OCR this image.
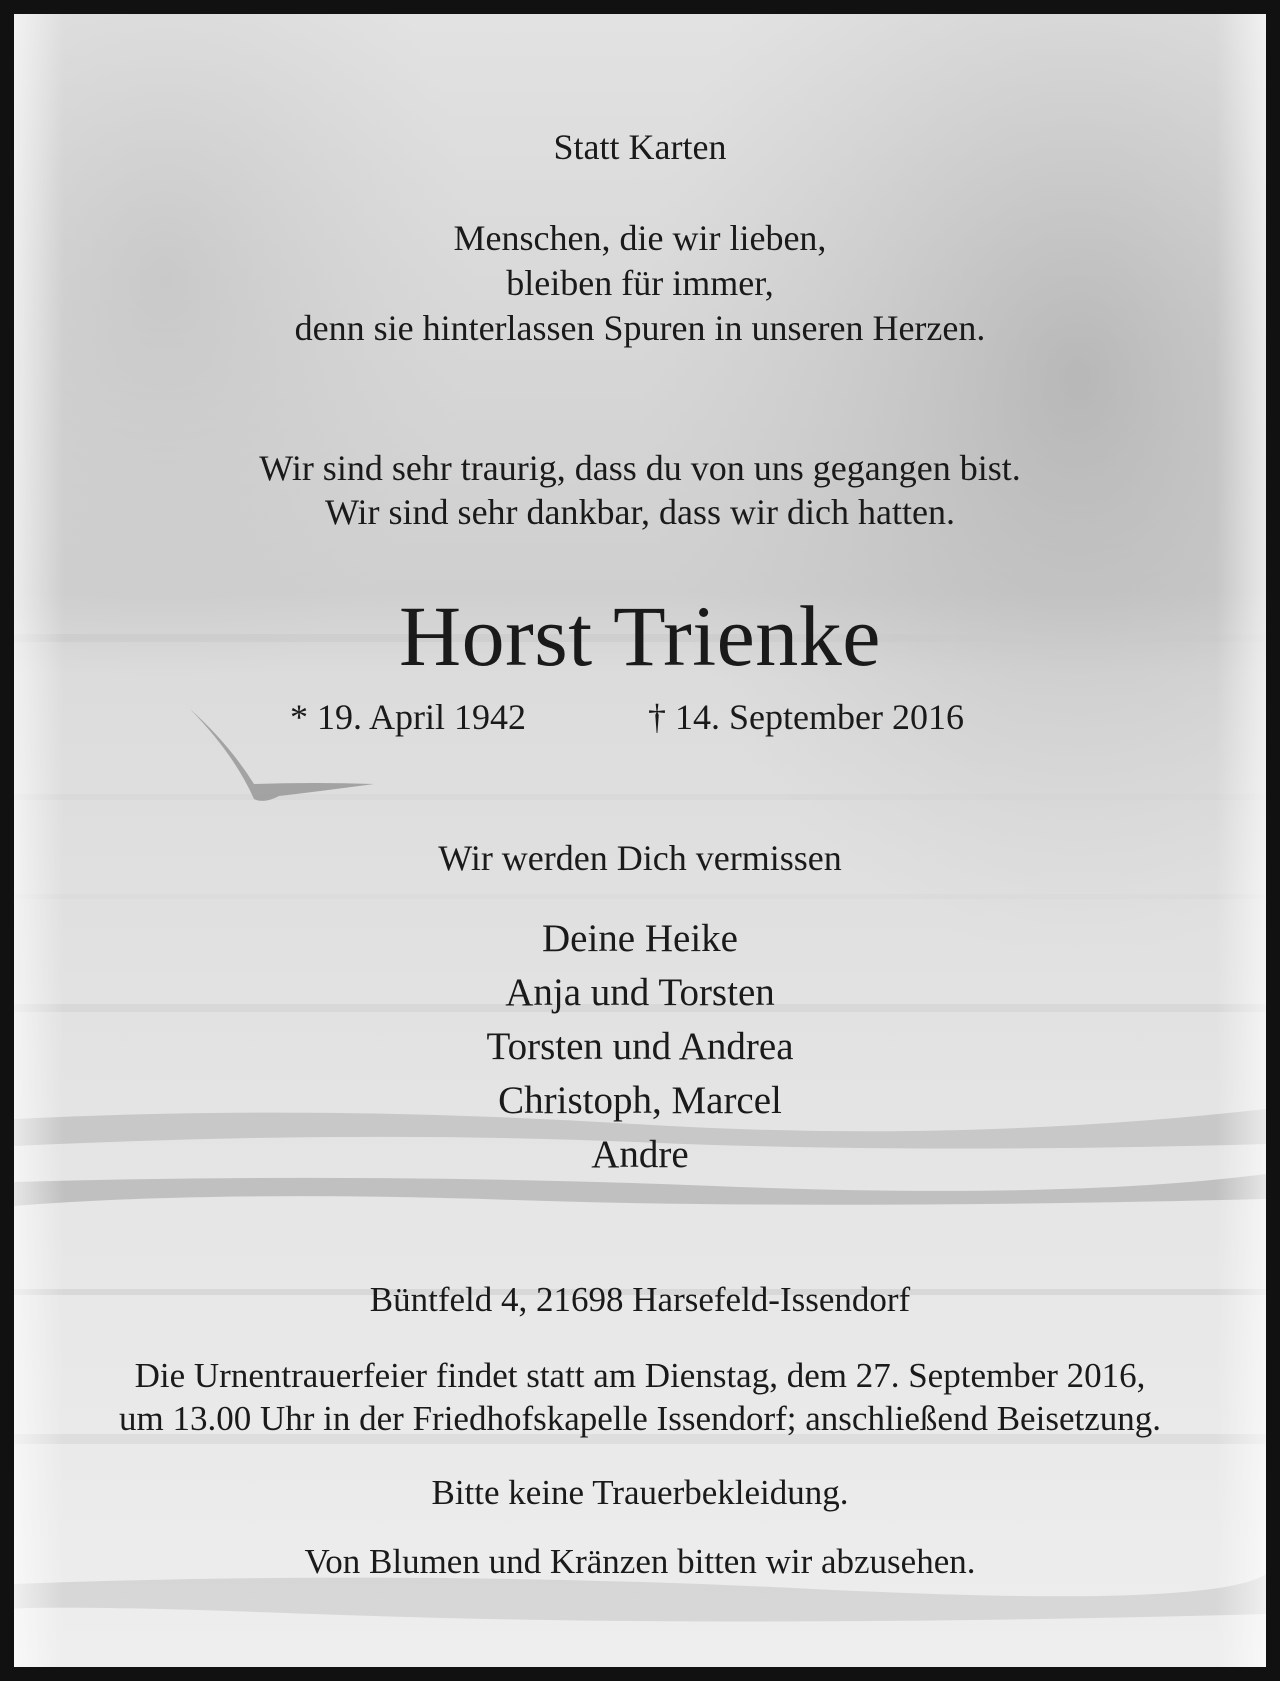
Statt Karten

Menschen, die wir lieben,
bleiben für immer,
denn sie hinterlassen Spuren in unseren Herzen.

Wir sind sehr traurig, dass du von uns gegangen bist.
Wir sind sehr dankbar, dass wir dich hatten.

Horst Trienke

* 19. April 1942	† 14. September 2016

Wir werden Dich vermissen

Deine Heike
Anja und Torsten
Torsten und Andrea
Christoph, Marcel
Andre

Büntfeld 4, 21698 Harsefeld-Issendorf

Die Urnentrauerfeier findet statt am Dienstag, dem 27. September 2016,
um 13.00 Uhr in der Friedhofskapelle Issendorf; anschließend Beisetzung.

Bitte keine Trauerbekleidung.

Von Blumen und Kränzen bitten wir abzusehen.
